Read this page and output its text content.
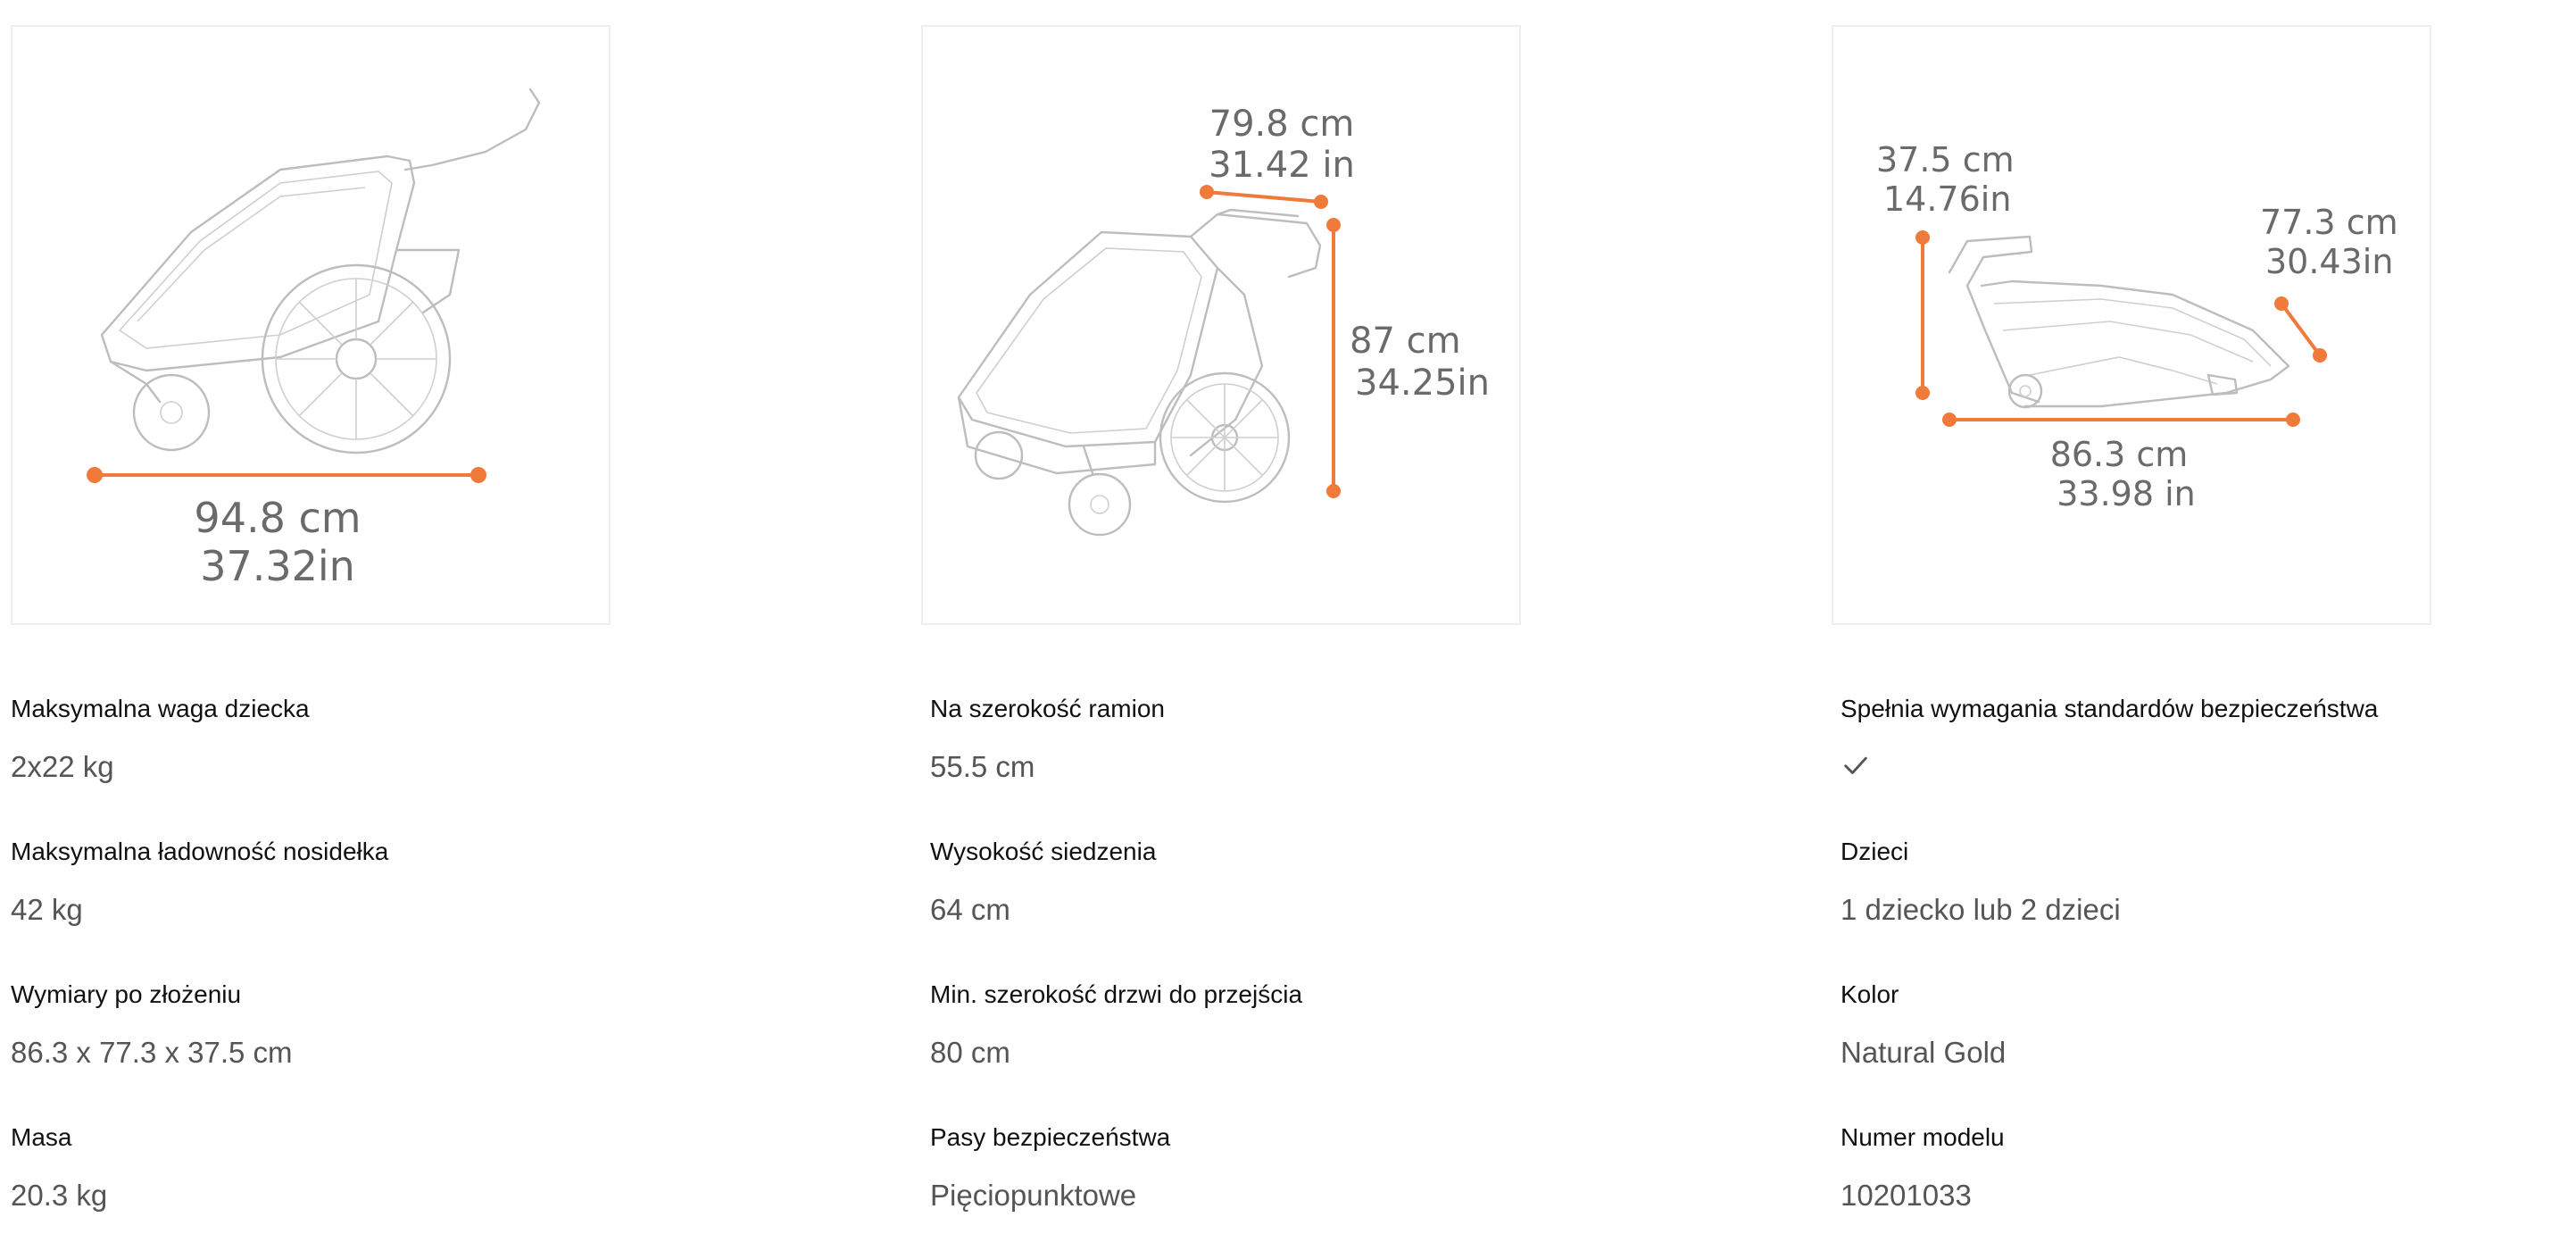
94.8 cm
37.32in
Maksymalna waga dziecka
2x22 kg
Maksymalna ładowność nosidełka
42 kg
Wymiary po złożeniu
86.3 x 77.3 x 37.5 cm
Masa
20.3 kg
79.8 cm
31.42 in
87 cm
34.25in
Na szerokość ramion
55.5 cm
Wysokość siedzenia
64 cm
Min. szerokość drzwi do przejścia
80 cm
Pasy bezpieczeństwa
Pięciopunktowe
37.5 cm
14.76in
77.3 cm
30.43in
86.3 cm
33.98 in
Spełnia wymagania standardów bezpieczeństwa
Dzieci
1 dziecko lub 2 dzieci
Kolor
Natural Gold
Numer modelu
10201033
